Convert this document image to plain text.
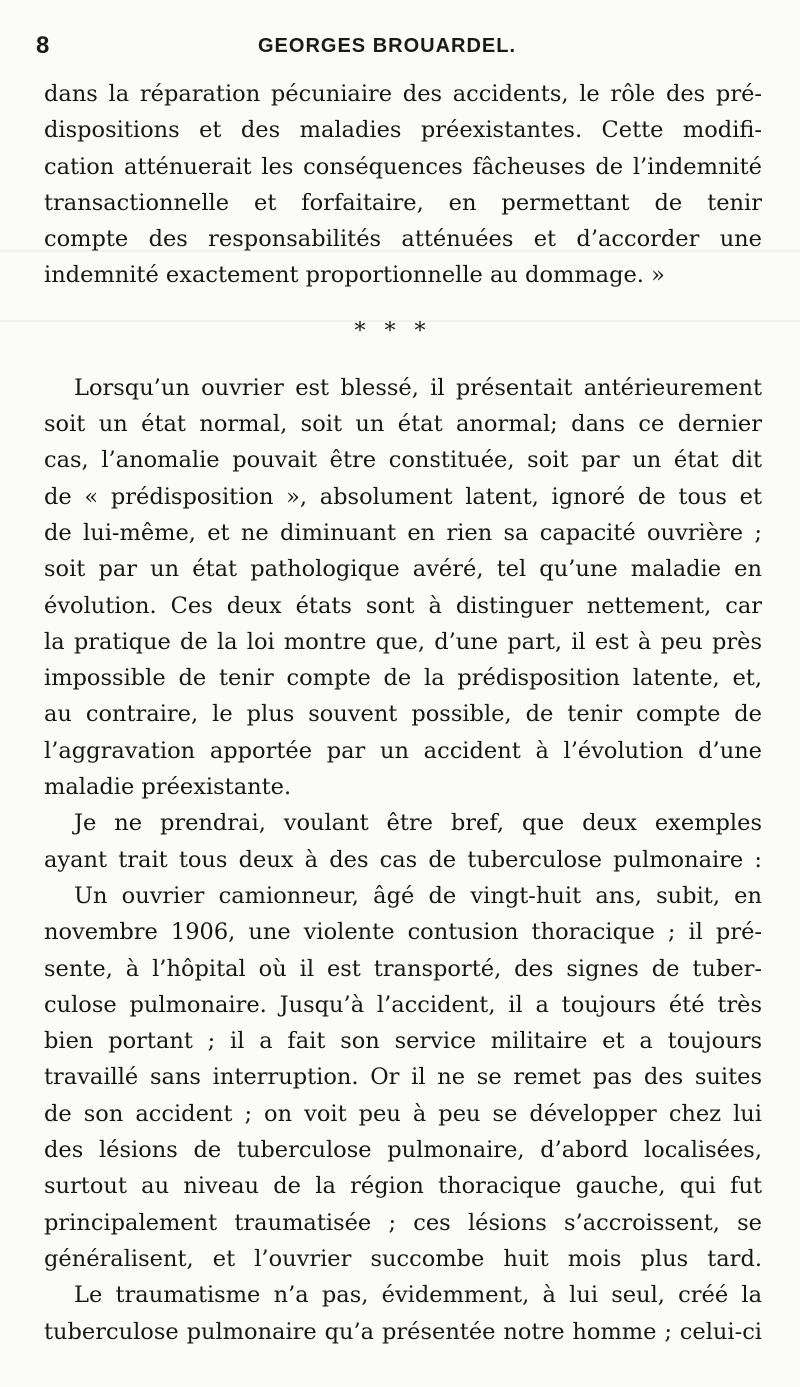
8	GEORGES BROUARDEL.
dans la réparation pécuniaire des accidents, le rôle des pré-
dispositions et des maladies préexistantes. Cette modifi-
cation atténuerait les conséquences fâcheuses de l’indemnité
transactionnelle et forfaitaire, en permettant de tenir
compte des responsabilités atténuées et d’accorder une
indemnité exactement proportionnelle au dommage. »
* * *
Lorsqu’un ouvrier est blessé, il présentait antérieurement
soit un état normal, soit un état anormal; dans ce dernier
cas, l’anomalie pouvait être constituée, soit par un état dit
de « prédisposition », absolument latent, ignoré de tous et
de lui-même, et ne diminuant en rien sa capacité ouvrière ;
soit par un état pathologique avéré, tel qu’une maladie en
évolution. Ces deux états sont à distinguer nettement, car
la pratique de la loi montre que, d’une part, il est à peu près
impossible de tenir compte de la prédisposition latente, et,
au contraire, le plus souvent possible, de tenir compte de
l’aggravation apportée par un accident à l’évolution d’une
maladie préexistante.
Je ne prendrai, voulant être bref, que deux exemples
ayant trait tous deux à des cas de tuberculose pulmonaire :
Un ouvrier camionneur, âgé de vingt-huit ans, subit, en
novembre 1906, une violente contusion thoracique ; il pré-
sente, à l’hôpital où il est transporté, des signes de tuber-
culose pulmonaire. Jusqu’à l’accident, il a toujours été très
bien portant ; il a fait son service militaire et a toujours
travaillé sans interruption. Or il ne se remet pas des suites
de son accident ; on voit peu à peu se développer chez lui
des lésions de tuberculose pulmonaire, d’abord localisées,
surtout au niveau de la région thoracique gauche, qui fut
principalement traumatisée ; ces lésions s’accroissent, se
généralisent, et l’ouvrier succombe huit mois plus tard.
Le traumatisme n’a pas, évidemment, à lui seul, créé la
tuberculose pulmonaire qu’a présentée notre homme ; celui-ci
